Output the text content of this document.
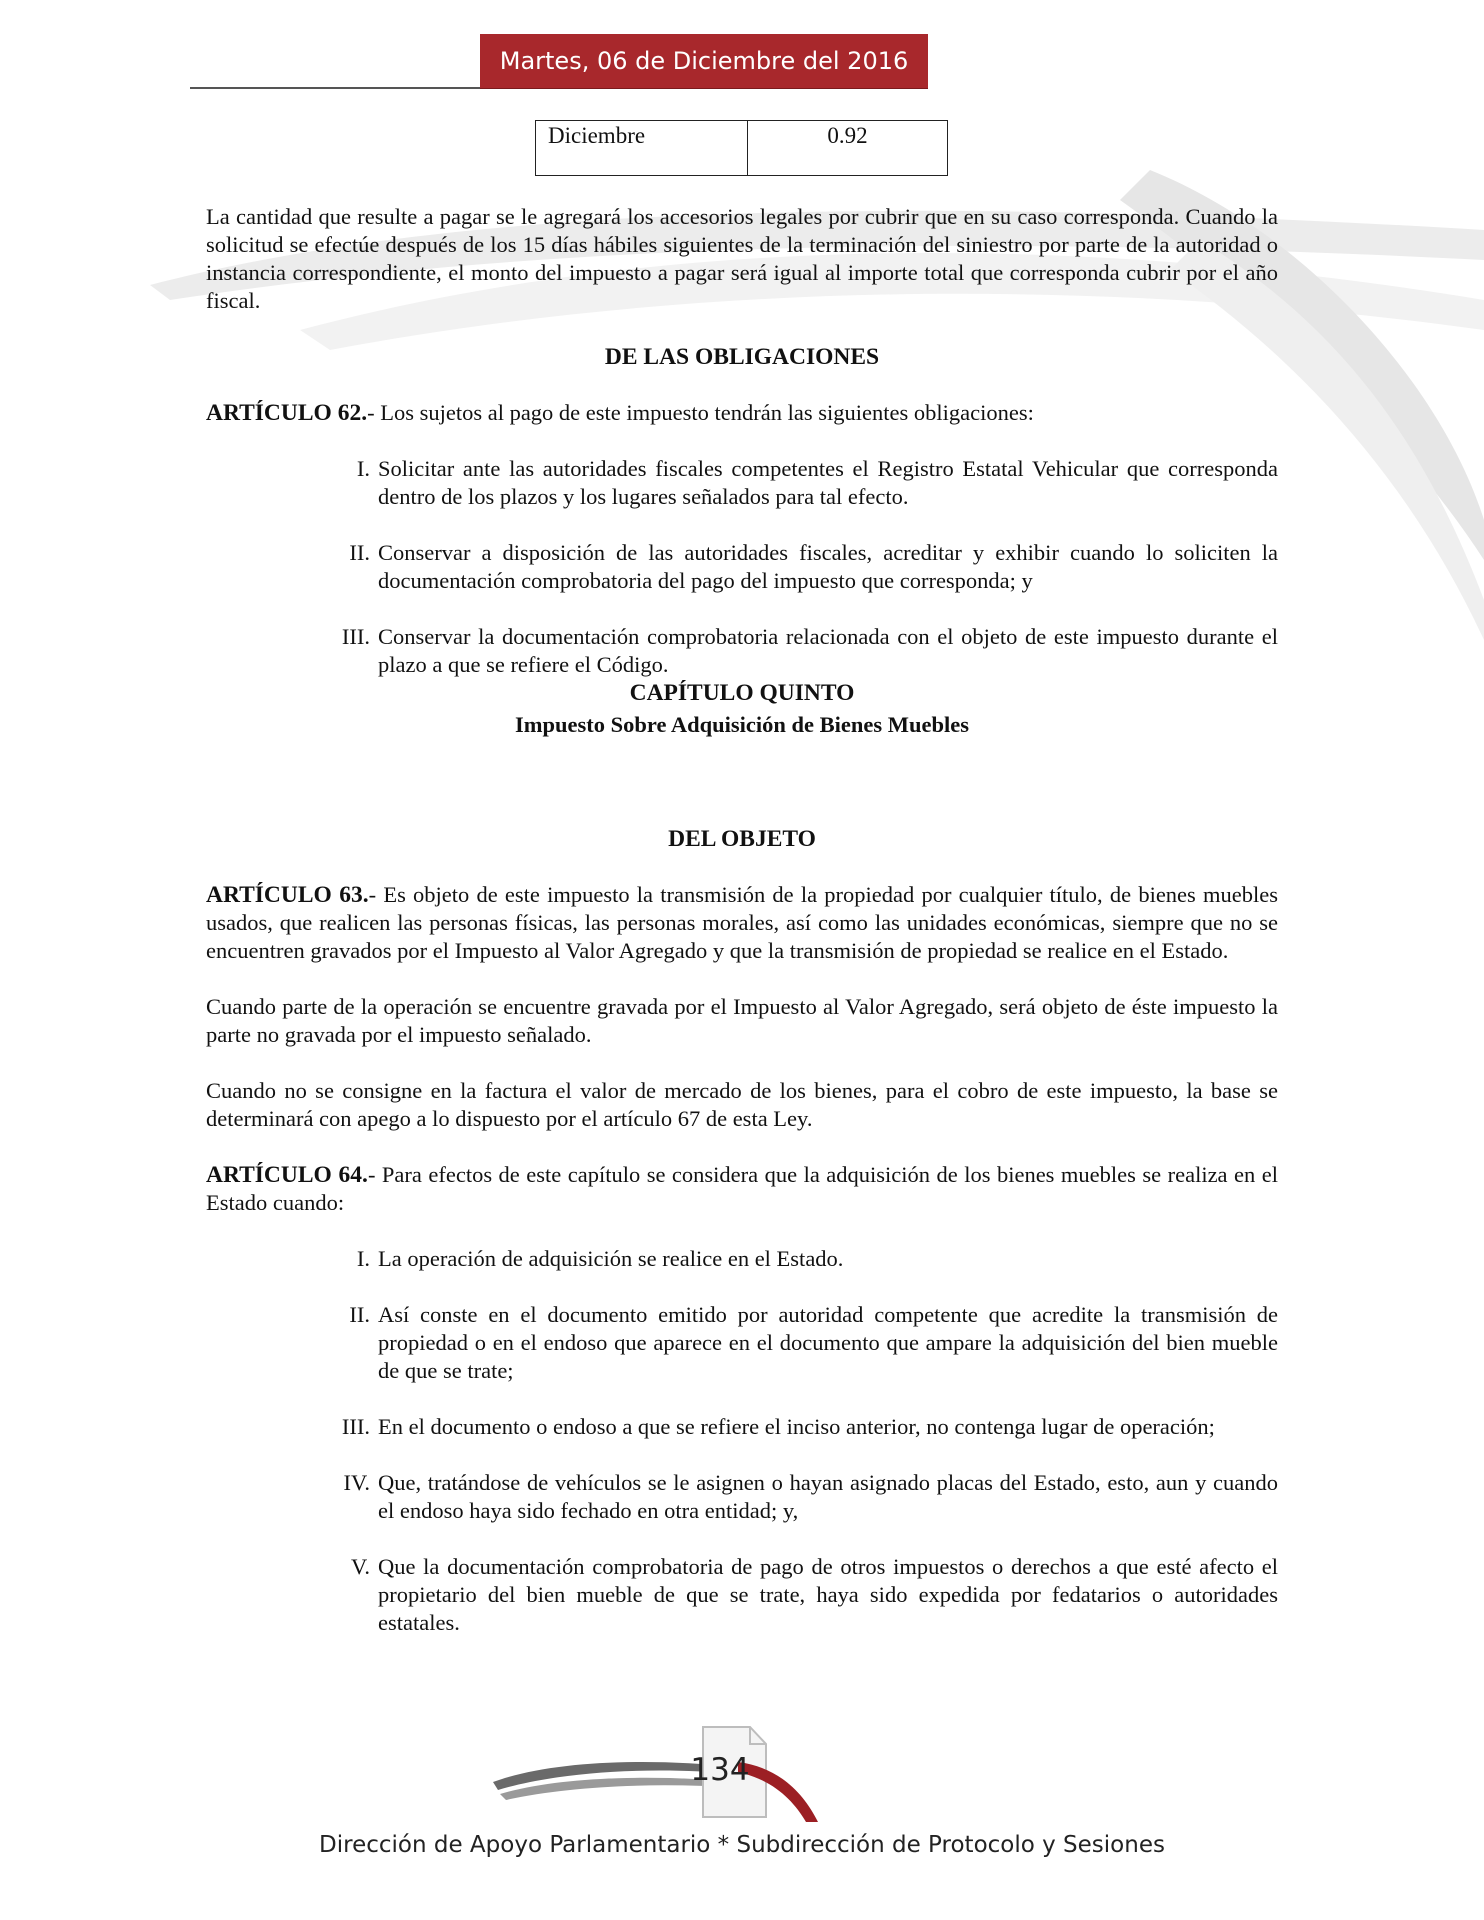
Martes, 06 de Diciembre del 2016
Diciembre	0.92

La cantidad que resulte a pagar se le agregará los accesorios legales por cubrir que en su caso corresponda. Cuando la solicitud se efectúe después de los 15 días hábiles siguientes de la terminación del siniestro por parte de la autoridad o instancia correspondiente, el monto del impuesto a pagar será igual al importe total que corresponda cubrir por el año fiscal.

DE LAS OBLIGACIONES

ARTÍCULO 62.- Los sujetos al pago de este impuesto tendrán las siguientes obligaciones:

I. Solicitar ante las autoridades fiscales competentes el Registro Estatal Vehicular que corresponda dentro de los plazos y los lugares señalados para tal efecto.
II. Conservar a disposición de las autoridades fiscales, acreditar y exhibir cuando lo soliciten la documentación comprobatoria del pago del impuesto que corresponda; y
III. Conservar la documentación comprobatoria relacionada con el objeto de este impuesto durante el plazo a que se refiere el Código.
CAPÍTULO QUINTO
Impuesto Sobre Adquisición de Bienes Muebles
DEL OBJETO

ARTÍCULO 63.- Es objeto de este impuesto la transmisión de la propiedad por cualquier título, de bienes muebles usados, que realicen las personas físicas, las personas morales, así como las unidades económicas, siempre que no se encuentren gravados por el Impuesto al Valor Agregado y que la transmisión de propiedad se realice en el Estado.

Cuando parte de la operación se encuentre gravada por el Impuesto al Valor Agregado, será objeto de éste impuesto la parte no gravada por el impuesto señalado.

Cuando no se consigne en la factura el valor de mercado de los bienes, para el cobro de este impuesto, la base se determinará con apego a lo dispuesto por el artículo 67 de esta Ley.

ARTÍCULO 64.- Para efectos de este capítulo se considera que la adquisición de los bienes muebles se realiza en el Estado cuando:

I. La operación de adquisición se realice en el Estado.
II. Así conste en el documento emitido por autoridad competente que acredite la transmisión de propiedad o en el endoso que aparece en el documento que ampare la adquisición del bien mueble de que se trate;
III. En el documento o endoso a que se refiere el inciso anterior, no contenga lugar de operación;
IV. Que, tratándose de vehículos se le asignen o hayan asignado placas del Estado, esto, aun y cuando el endoso haya sido fechado en otra entidad; y,
V. Que la documentación comprobatoria de pago de otros impuestos o derechos a que esté afecto el propietario del bien mueble de que se trate, haya sido expedida por fedatarios o autoridades estatales.
134
Dirección de Apoyo Parlamentario * Subdirección de Protocolo y Sesiones
